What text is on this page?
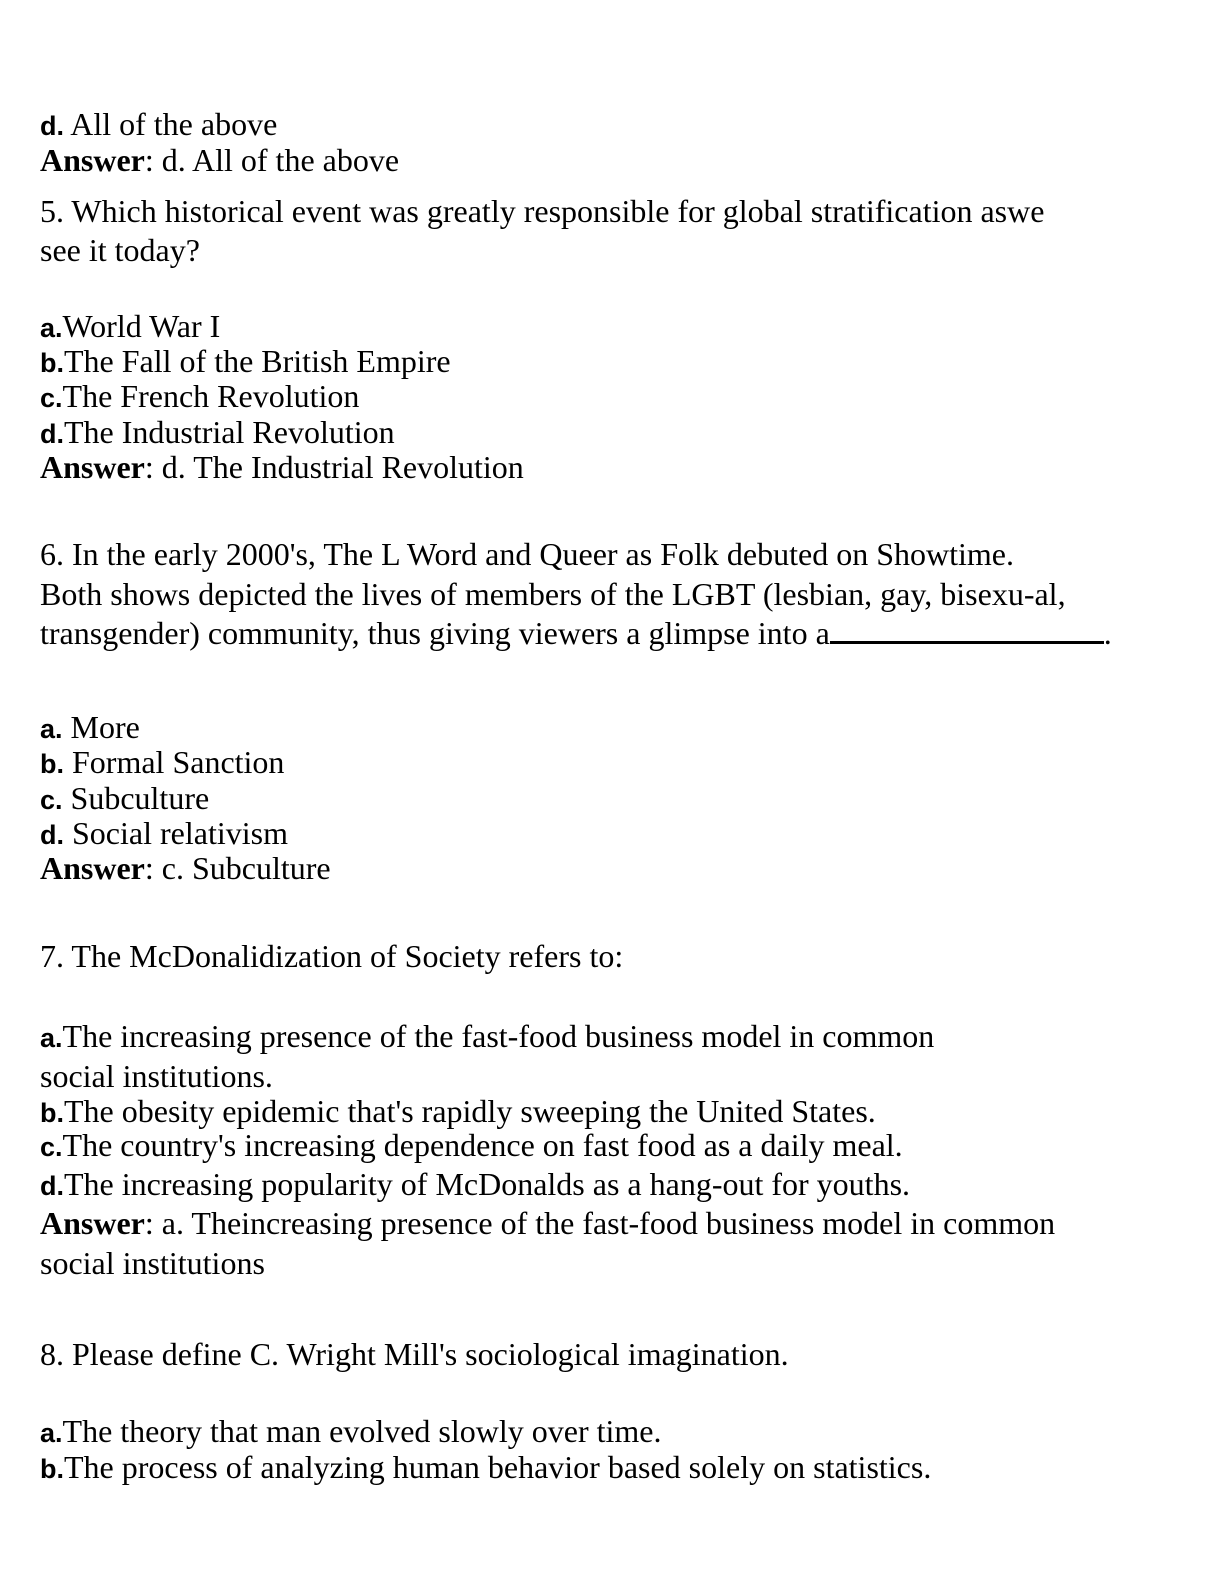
d. All of the above
Answer: d. All of the above
5. Which historical event was greatly responsible for global stratification aswe
see it today?
a.World War I
b.The Fall of the British Empire
c.The French Revolution
d.The Industrial Revolution
Answer: d. The Industrial Revolution
6. In the early 2000's, The L Word and Queer as Folk debuted on Showtime.
Both shows depicted the lives of members of the LGBT (lesbian, gay, bisexu-al,
transgender) community, thus giving viewers a glimpse into a	.
a. More
b. Formal Sanction
c. Subculture
d. Social relativism
Answer: c. Subculture
7. The McDonalidization of Society refers to:
a.The increasing presence of the fast-food business model in common
social institutions.
b.The obesity epidemic that's rapidly sweeping the United States.
c.The country's increasing dependence on fast food as a daily meal.
d.The increasing popularity of McDonalds as a hang-out for youths.
Answer: a. Theincreasing presence of the fast-food business model in common
social institutions
8. Please define C. Wright Mill's sociological imagination.
a.The theory that man evolved slowly over time.
b.The process of analyzing human behavior based solely on statistics.
